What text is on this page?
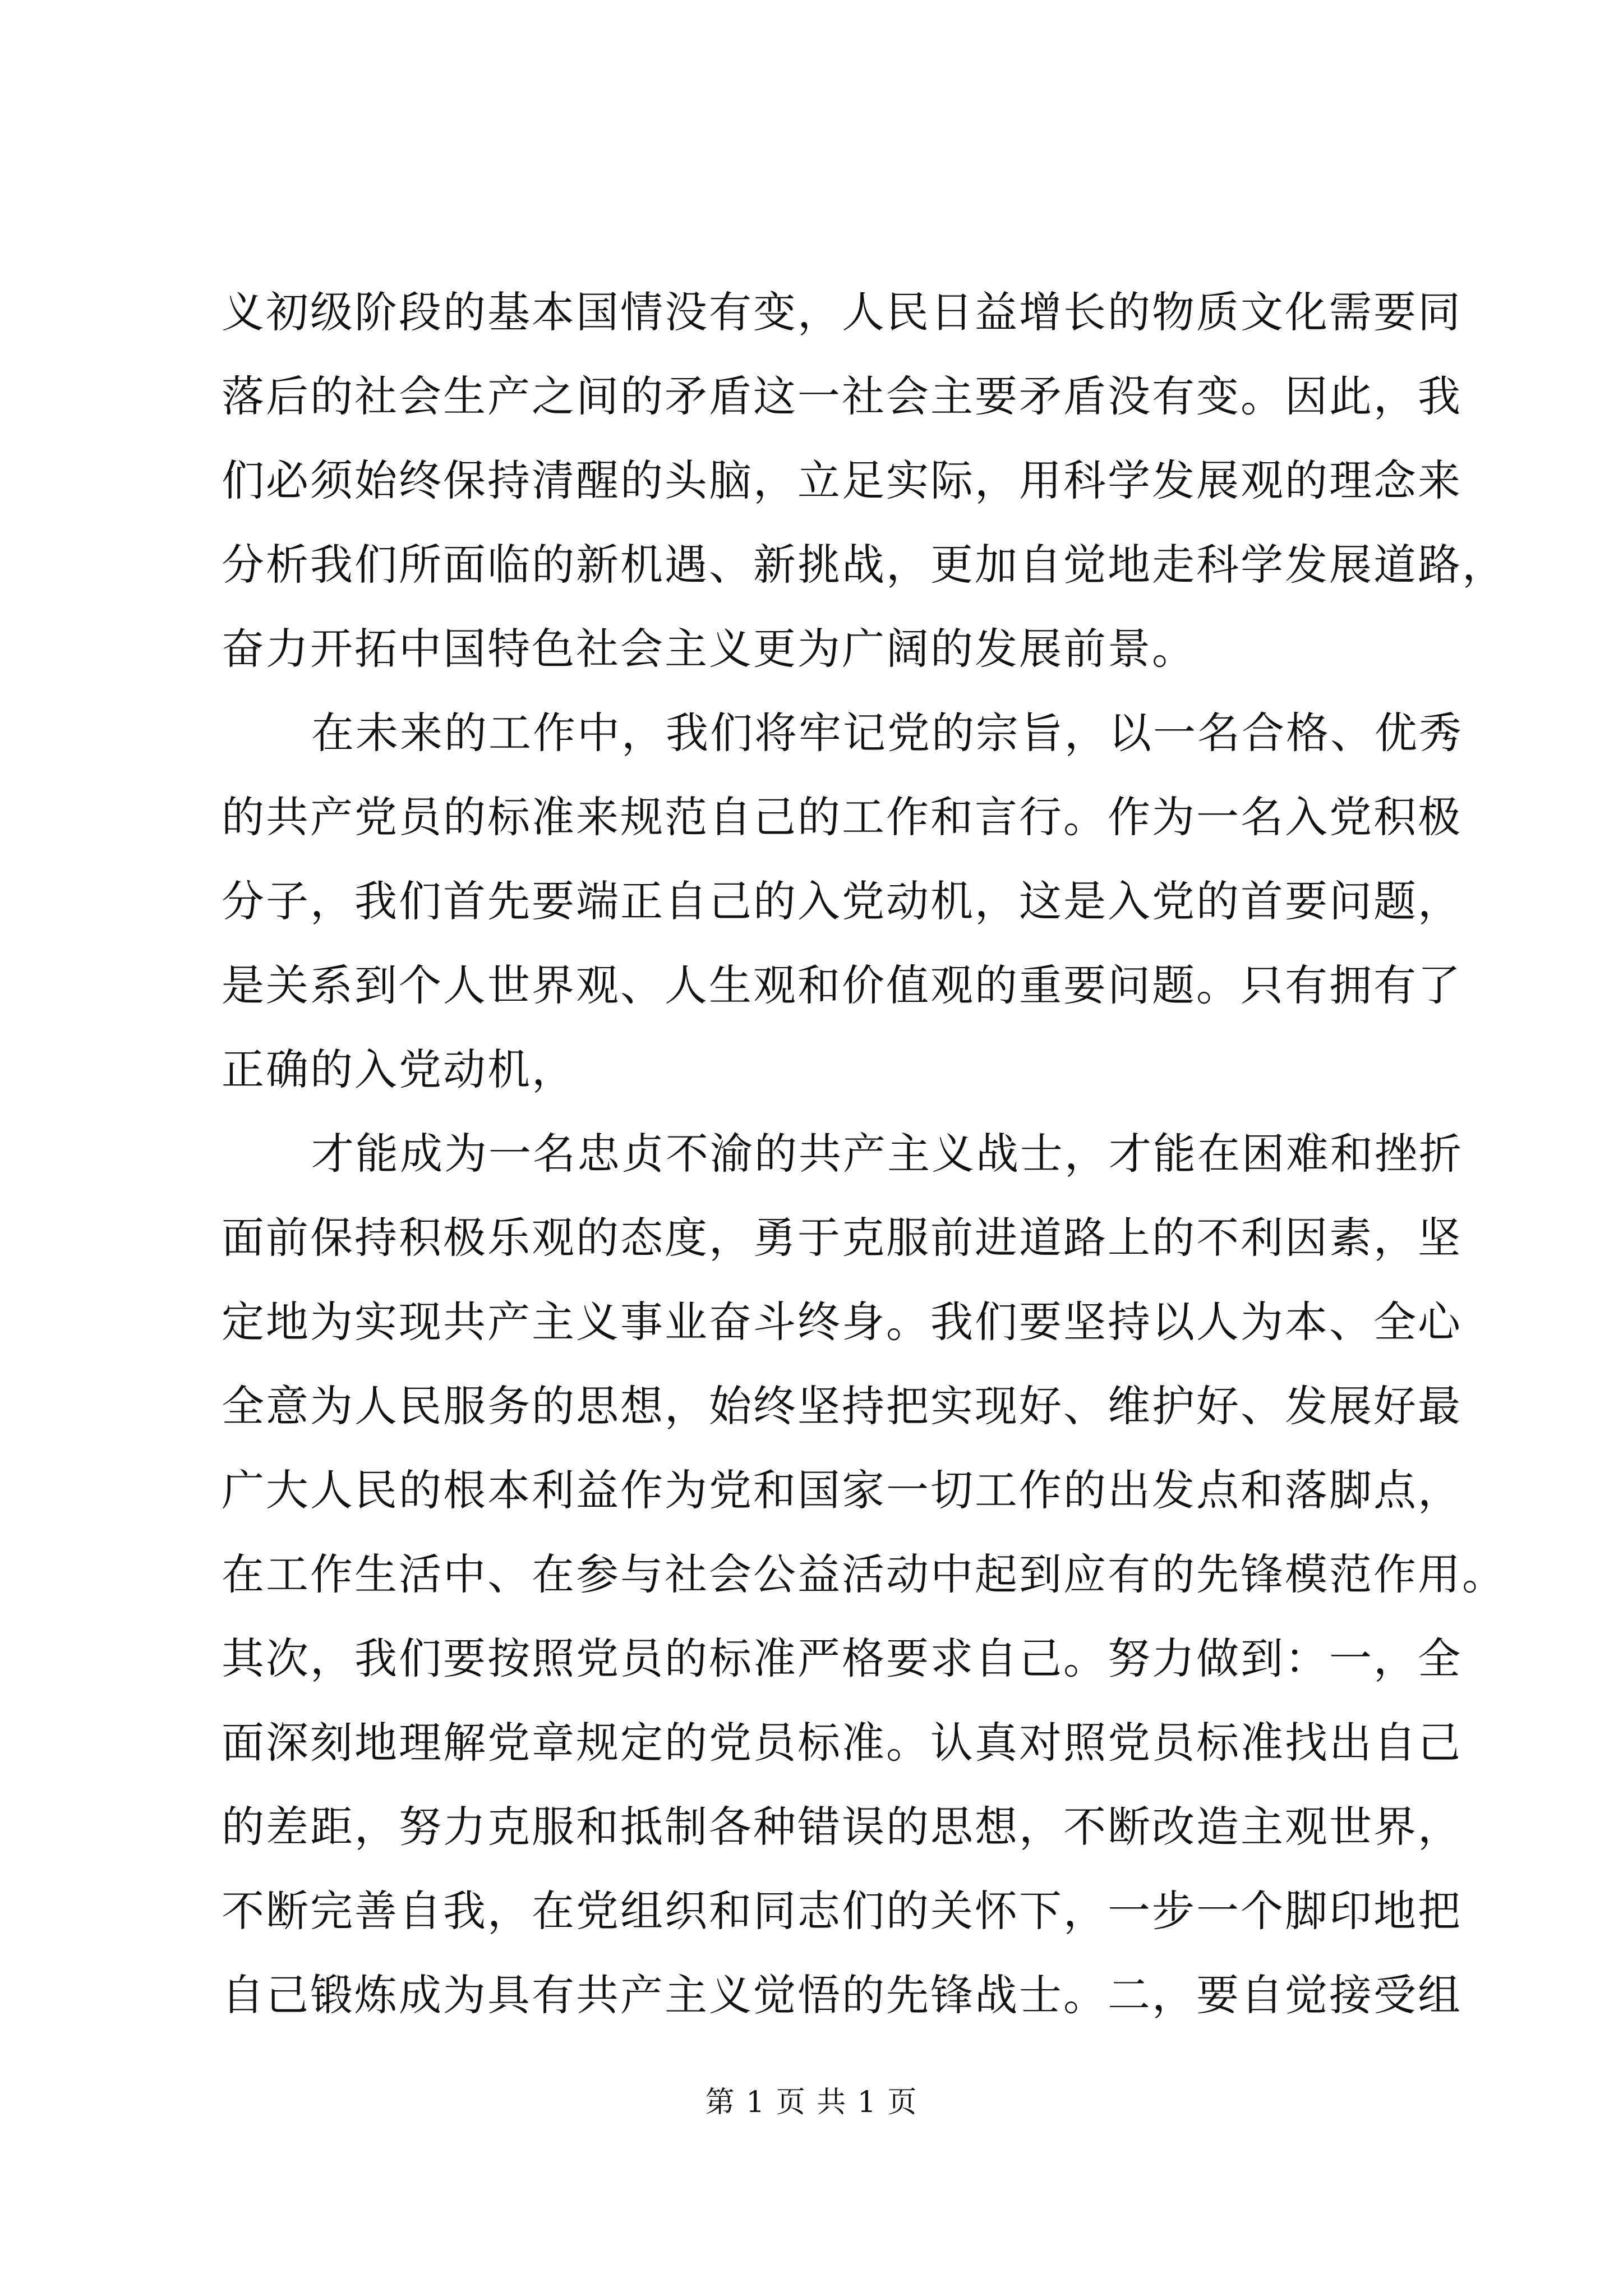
义初级阶段的基本国情没有变，人民日益增长的物质文化需要同
落后的社会生产之间的矛盾这一社会主要矛盾没有变。因此，我
们必须始终保持清醒的头脑，立足实际，用科学发展观的理念来
分析我们所面临的新机遇、新挑战，更加自觉地走科学发展道路，
奋力开拓中国特色社会主义更为广阔的发展前景。
在未来的工作中，我们将牢记党的宗旨，以一名合格、优秀
的共产党员的标准来规范自己的工作和言行。作为一名入党积极
分子，我们首先要端正自己的入党动机，这是入党的首要问题，
是关系到个人世界观、人生观和价值观的重要问题。只有拥有了
正确的入党动机，
才能成为一名忠贞不渝的共产主义战士，才能在困难和挫折
面前保持积极乐观的态度，勇于克服前进道路上的不利因素，坚
定地为实现共产主义事业奋斗终身。我们要坚持以人为本、全心
全意为人民服务的思想，始终坚持把实现好、维护好、发展好最
广大人民的根本利益作为党和国家一切工作的出发点和落脚点，
在工作生活中、在参与社会公益活动中起到应有的先锋模范作用。
其次，我们要按照党员的标准严格要求自己。努力做到：一，全
面深刻地理解党章规定的党员标准。认真对照党员标准找出自己
的差距，努力克服和抵制各种错误的思想，不断改造主观世界，
不断完善自我，在党组织和同志们的关怀下，一步一个脚印地把
自己锻炼成为具有共产主义觉悟的先锋战士。二，要自觉接受组
第 1 页 共 1 页
